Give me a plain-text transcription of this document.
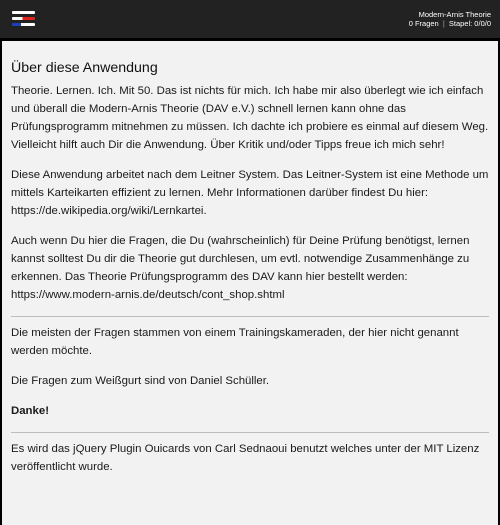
Modern-Arnis Theorie
0 Fragen | Stapel: 0/0/0
Über diese Anwendung

Theorie. Lernen. Ich. Mit 50. Das ist nichts für mich. Ich habe mir also überlegt wie ich einfach und überall die Modern-Arnis Theorie (DAV e.V.) schnell lernen kann ohne das Prüfungsprogramm mitnehmen zu müssen. Ich dachte ich probiere es einmal auf diesem Weg. Vielleicht hilft auch Dir die Anwendung. Über Kritik und/oder Tipps freue ich mich sehr!

Diese Anwendung arbeitet nach dem Leitner System. Das Leitner-System ist eine Methode um mittels Karteikarten effizient zu lernen. Mehr Informationen darüber findest Du hier: https://de.wikipedia.org/wiki/Lernkartei.

Auch wenn Du hier die Fragen, die Du (wahrscheinlich) für Deine Prüfung benötigst, lernen kannst solltest Du dir die Theorie gut durchlesen, um evtl. notwendige Zusammenhänge zu erkennen. Das Theorie Prüfungsprogramm des DAV kann hier bestellt werden: https://www.modern-arnis.de/deutsch/cont_shop.shtml

Die meisten der Fragen stammen von einem Trainingskameraden, der hier nicht genannt werden möchte.

Die Fragen zum Weißgurt sind von Daniel Schüller.

Danke!

Es wird das jQuery Plugin Ouicards von Carl Sednaoui benutzt welches unter der MIT Lizenz veröffentlicht wurde.
